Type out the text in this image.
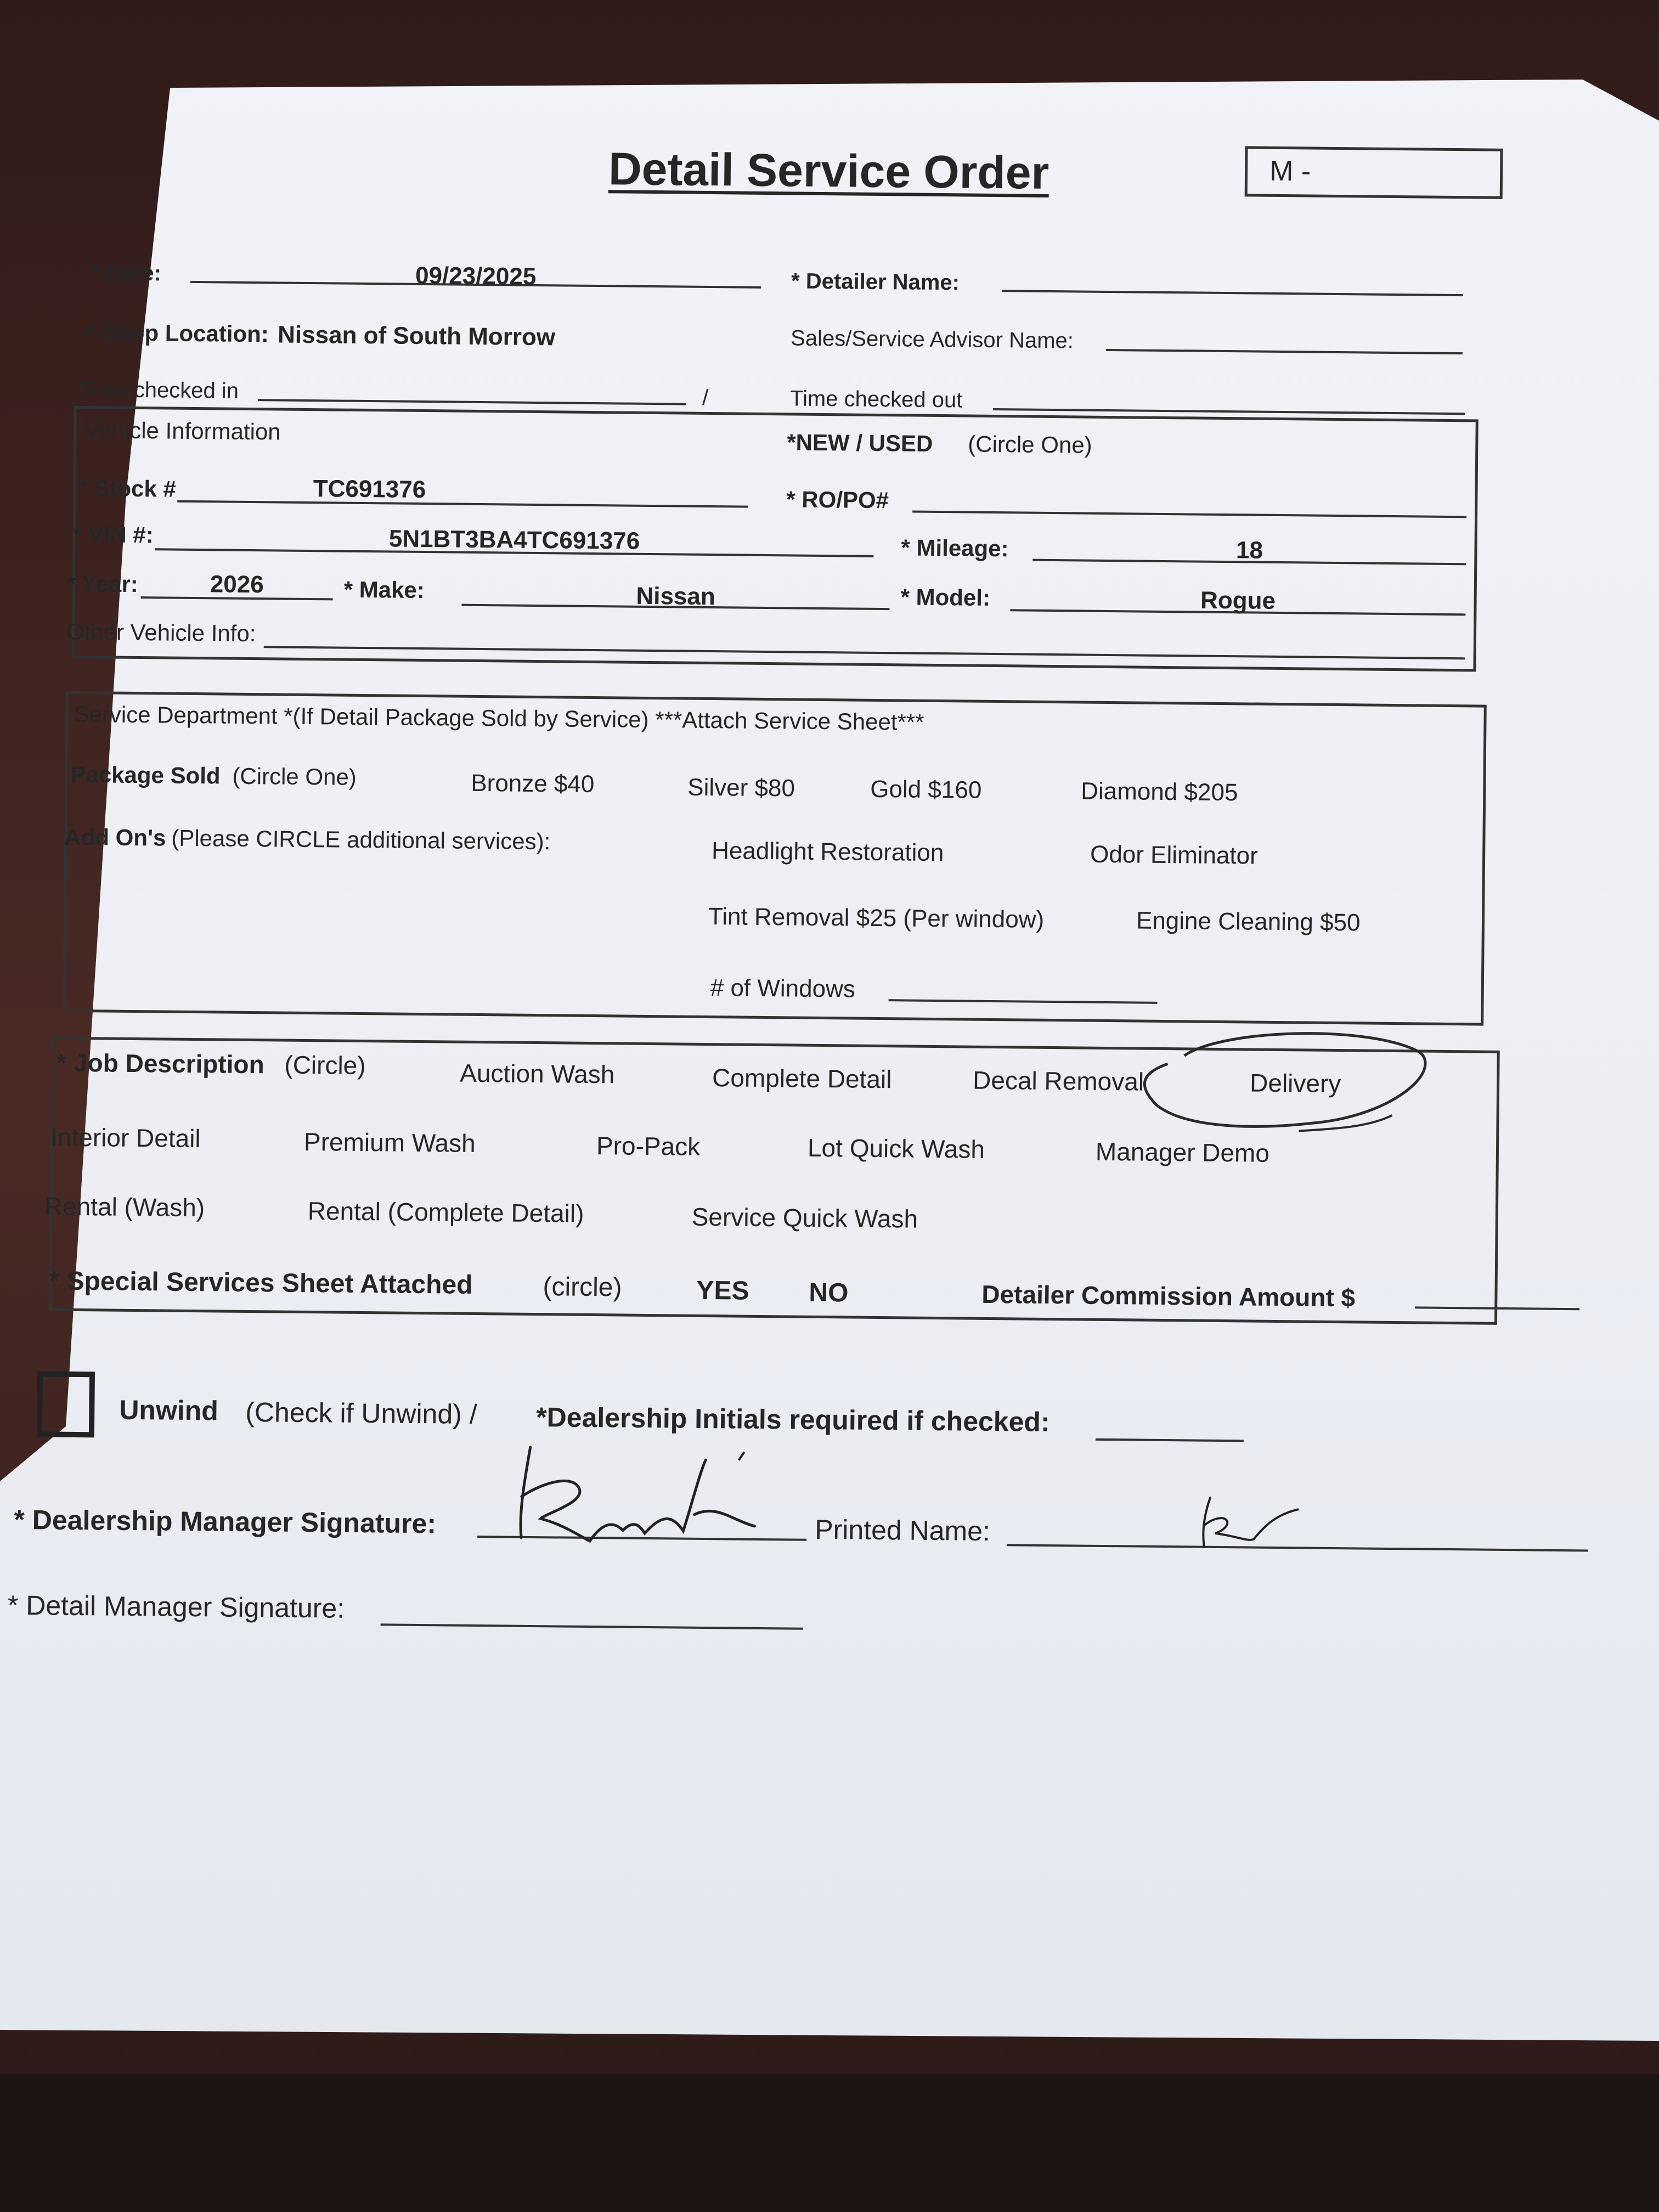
Detail Service Order	M -
* Date:	09/23/2025	* Detailer Name:
* Shop Location: Nissan of South Morrow	Sales/Service Advisor Name:
Time checked in	/	Time checked out
Vehicle Information	*NEW / USED (Circle One)
* Stock #	TC691376	* RO/PO#
* VIN #:	5N1BT3BA4TC691376	* Mileage:	18
* Year:	2026	* Make:	Nissan	* Model:	Rogue
Other Vehicle Info:
Service Department *(If Detail Package Sold by Service) ***Attach Service Sheet***
Package Sold (Circle One)	Bronze $40	Silver $80	Gold $160	Diamond $205
Add On's (Please CIRCLE additional services):	Headlight Restoration	Odor Eliminator
Tint Removal $25 (Per window)	Engine Cleaning $50
# of Windows
* Job Description (Circle)	Auction Wash	Complete Detail	Decal Removal	Delivery
Interior Detail	Premium Wash	Pro-Pack	Lot Quick Wash	Manager Demo
Rental (Wash)	Rental (Complete Detail)	Service Quick Wash
* Special Services Sheet Attached	(circle)	YES NO	Detailer Commission Amount $
Unwind (Check if Unwind) / *Dealership Initials required if checked:
* Dealership Manager Signature:	Printed Name:
* Detail Manager Signature:
